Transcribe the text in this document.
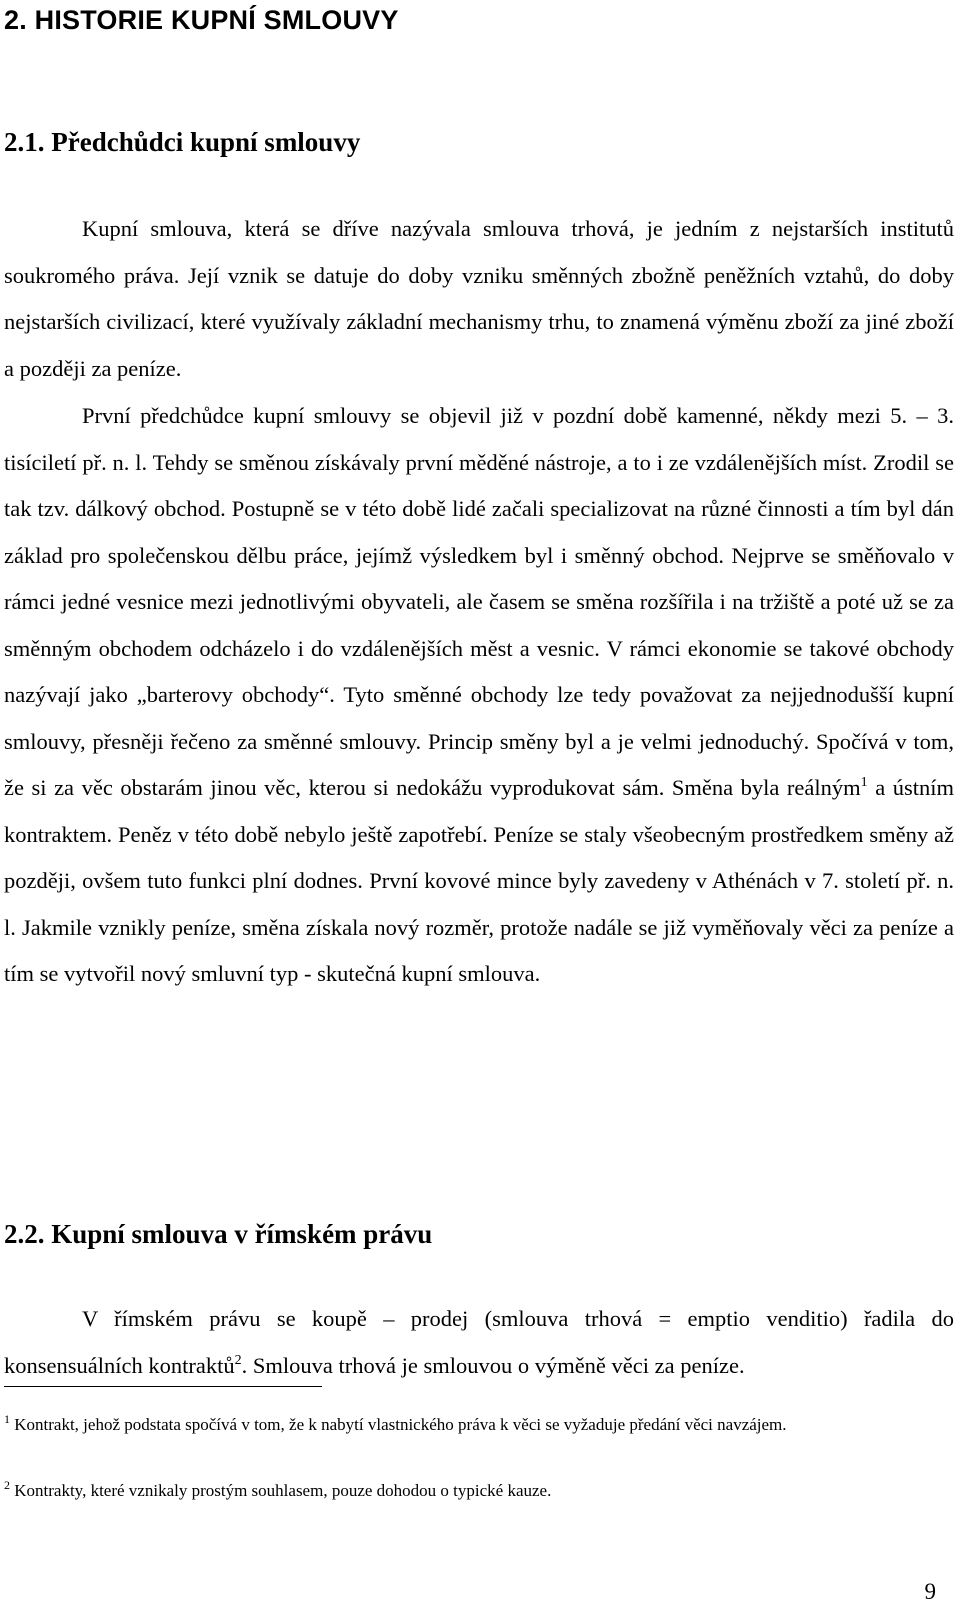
2. HISTORIE KUPNÍ SMLOUVY
2.1. Předchůdci kupní smlouvy

Kupní smlouva, která se dříve nazývala smlouva trhová, je jedním z nejstarších institutů soukromého práva. Její vznik se datuje do doby vzniku směnných zbožně peněžních vztahů, do doby nejstarších civilizací, které využívaly základní mechanismy trhu, to znamená výměnu zboží za jiné zboží a později za peníze.

První předchůdce kupní smlouvy se objevil již v pozdní době kamenné, někdy mezi 5. – 3. tisíciletí př. n. l. Tehdy se směnou získávaly první měděné nástroje, a to i ze vzdálenějších míst. Zrodil se tak tzv. dálkový obchod. Postupně se v této době lidé začali specializovat na různé činnosti a tím byl dán základ pro společenskou dělbu práce, jejímž výsledkem byl i směnný obchod. Nejprve se směňovalo v rámci jedné vesnice mezi jednotlivými obyvateli, ale časem se směna rozšířila i na tržiště a poté už se za směnným obchodem odcházelo i do vzdálenějších měst a vesnic. V rámci ekonomie se takové obchody nazývají jako „barterovy obchody“. Tyto směnné obchody lze tedy považovat za nejjednodušší kupní smlouvy, přesněji řečeno za směnné smlouvy. Princip směny byl a je velmi jednoduchý. Spočívá v tom, že si za věc obstarám jinou věc, kterou si nedokážu vyprodukovat sám. Směna byla reálným$^1$ a ústním kontraktem. Peněz v této době nebylo ještě zapotřebí. Peníze se staly všeobecným prostředkem směny až později, ovšem tuto funkci plní dodnes. První kovové mince byly zavedeny v Athénách v 7. století př. n. l. Jakmile vznikly peníze, směna získala nový rozměr, protože nadále se již vyměňovaly věci za peníze a tím se vytvořil nový smluvní typ - skutečná kupní smlouva.

2.2. Kupní smlouva v římském právu

V římském právu se koupě – prodej (smlouva trhová = emptio venditio) řadila do konsensuálních kontraktů$^2$. Smlouva trhová je smlouvou o výměně věci za peníze.

$^1$ Kontrakt, jehož podstata spočívá v tom, že k nabytí vlastnického práva k věci se vyžaduje předání věci navzájem.

$^2$ Kontrakty, které vznikaly prostým souhlasem, pouze dohodou o typické kauze.

9
